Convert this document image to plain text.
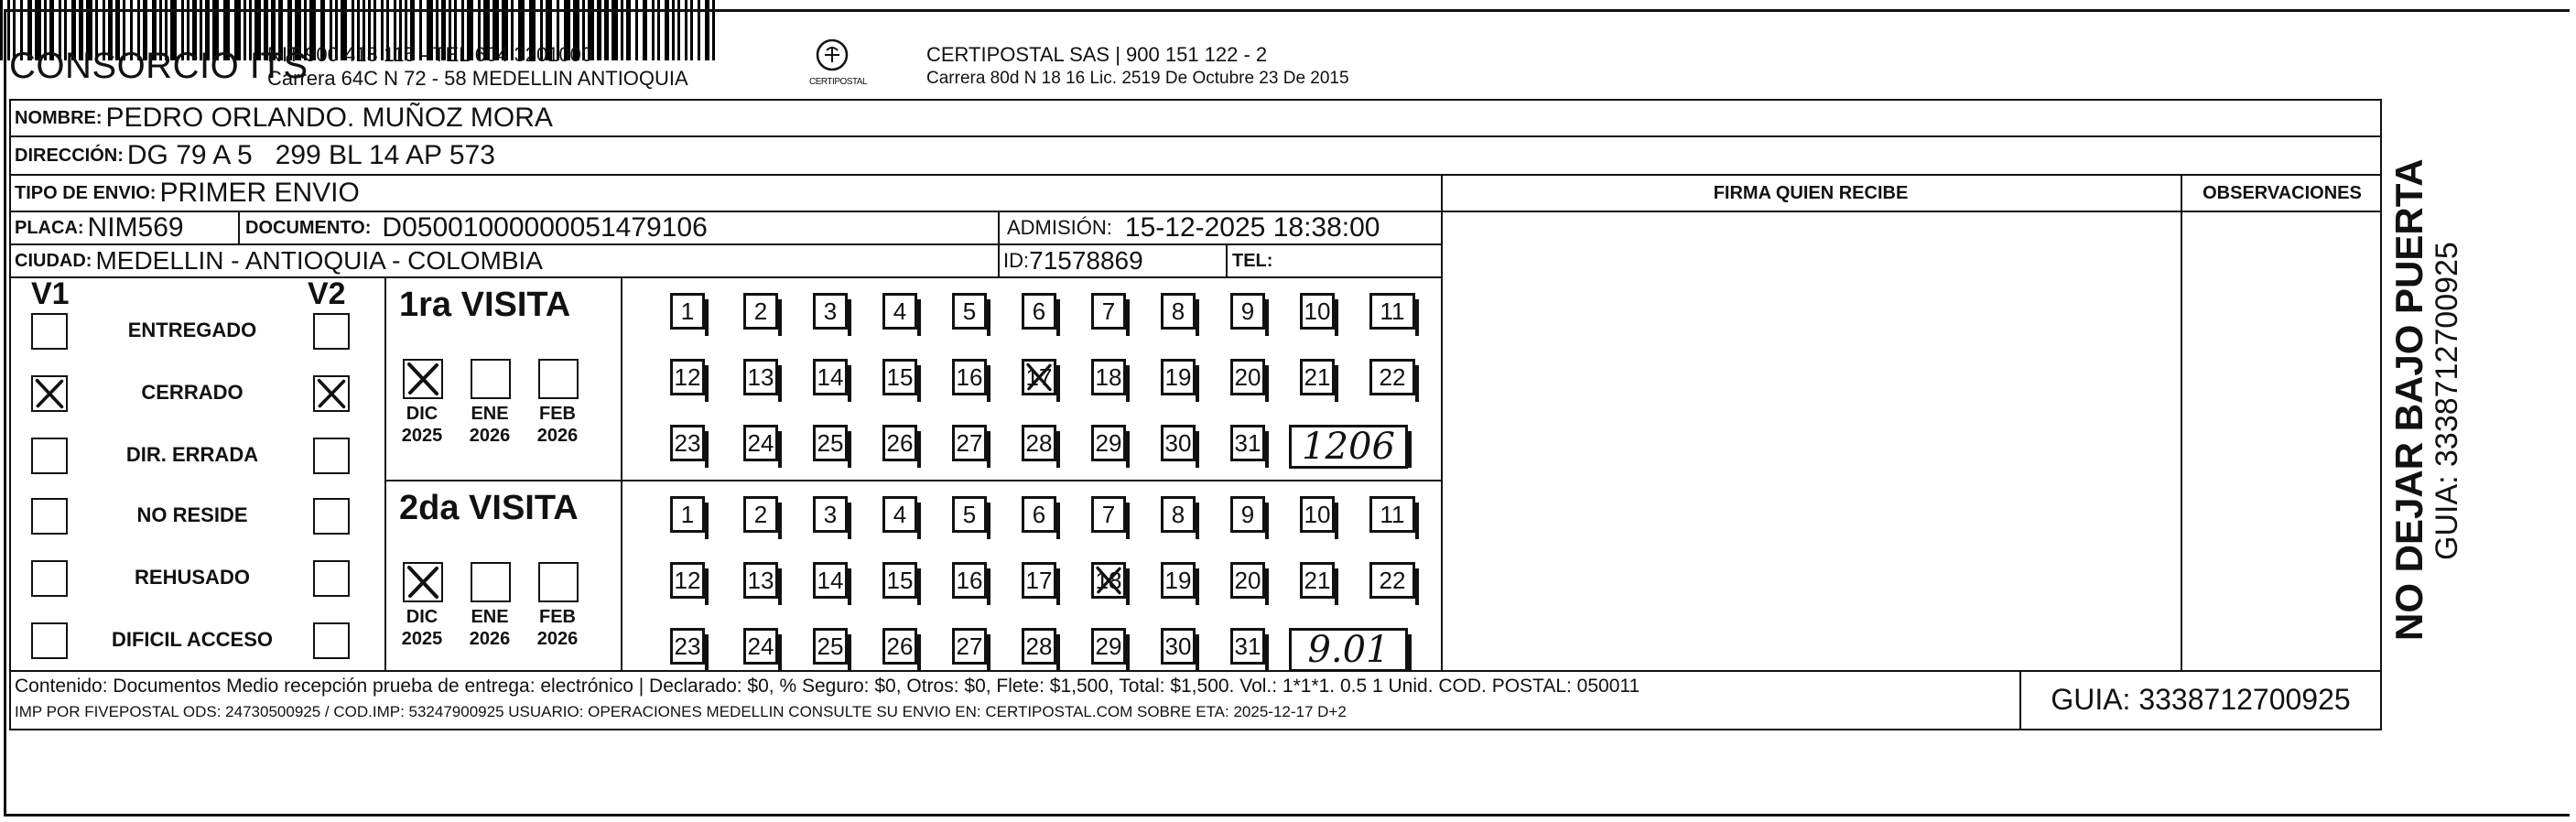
CONSORCIO ITS
NIT 900 413 115 - TEL 604 3201000
Carrera 64C N 72 - 58 MEDELLIN ANTIOQUIA	CERTIPOSTAL
CERTIPOSTAL SAS | 900 151 122 - 2
Carrera 80d N 18 16 Lic. 2519 De Octubre 23 De 2015
NOMBRE: PEDRO ORLANDO. MUÑOZ MORA
DIRECCIÓN: DG 79 A 5   299 BL 14 AP 573
TIPO DE ENVIO: PRIMER ENVIO	FIRMA QUIEN RECIBE	OBSERVACIONES
PLACA: NIM569	DOCUMENTO: D05001000000051479106	ADMISIÓN: 15-12-2025 18:38:00
CIUDAD: MEDELLIN - ANTIOQUIA - COLOMBIA	ID: 71578869	TEL:
V1	V2
ENTREGADO
CERRADO
DIR. ERRADA
NO RESIDE
REHUSADO
DIFICIL ACCESO
1ra VISITA
DIC
2025
ENE
2026
FEB
2026
1	2	3	4	5	6	7	8	9	10	11
12 13 14 15 16 17 18 19 20 21	22
23 24 25 26 27 28 29 30 31	1206
2da VISITA
DIC
2025
ENE
2026
FEB
2026
1	2	3	4	5	6	7	8	9	10	11
12 13 14 15 16 17 18 19 20 21	22
23 24 25 26 27 28 29 30 31	9.01
Contenido: Documentos Medio recepción prueba de entrega: electrónico | Declarado: $0, % Seguro: $0, Otros: $0, Flete: $1,500, Total: $1,500. Vol.: 1*1*1. 0.5 1 Unid. COD. POSTAL: 050011
IMP POR FIVEPOSTAL ODS: 24730500925 / COD.IMP: 53247900925 USUARIO: OPERACIONES MEDELLIN CONSULTE SU ENVIO EN: CERTIPOSTAL.COM SOBRE ETA: 2025-12-17 D+2	GUIA: 3338712700925
NO DEJAR BAJO PUERTA GUIA: 3338712700925
